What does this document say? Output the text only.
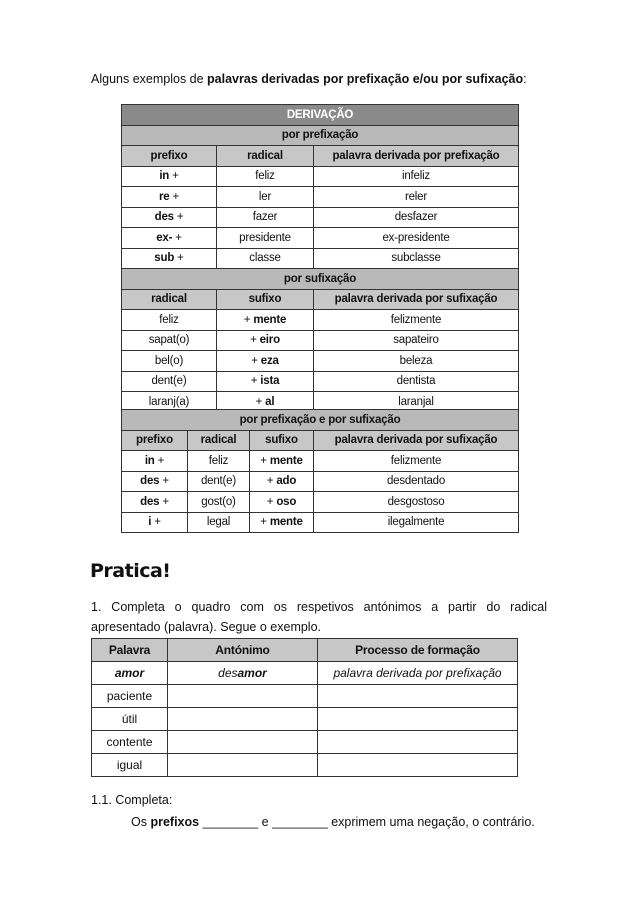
Alguns exemplos de palavras derivadas por prefixação e/ou por sufixação:
DERIVAÇÃO		
por prefixação		
prefixo	radical	palavra derivada por prefixação
in +	feliz	infeliz
re +	ler	reler
des +	fazer	desfazer
ex- +	presidente	ex-presidente
sub +	classe	subclasse
por sufixação		
radical	sufixo	palavra derivada por sufixação
feliz	+ mente	felizmente
sapat(o)	+ eiro	sapateiro
bel(o)	+ eza	beleza
dent(e)	+ ista	dentista
laranj(a)	+ al	laranjal
por prefixação e por sufixação			
prefixo	radical	sufixo	palavra derivada por sufixação
in +	feliz	+ mente	felizmente
des +	dent(e)	+ ado	desdentado
des +	gost(o)	+ oso	desgostoso
i +	legal	+ mente	ilegalmente
Pratica!
1. Completa o quadro com os respetivos antónimos a partir do radical apresentado (palavra). Segue o exemplo.
Palavra	Antónimo	Processo de formação
amor	desamor	palavra derivada por prefixação
paciente		
útil		
contente		
igual		
1.1. Completa:
Os prefixos ________ e ________ exprimem uma negação, o contrário.
